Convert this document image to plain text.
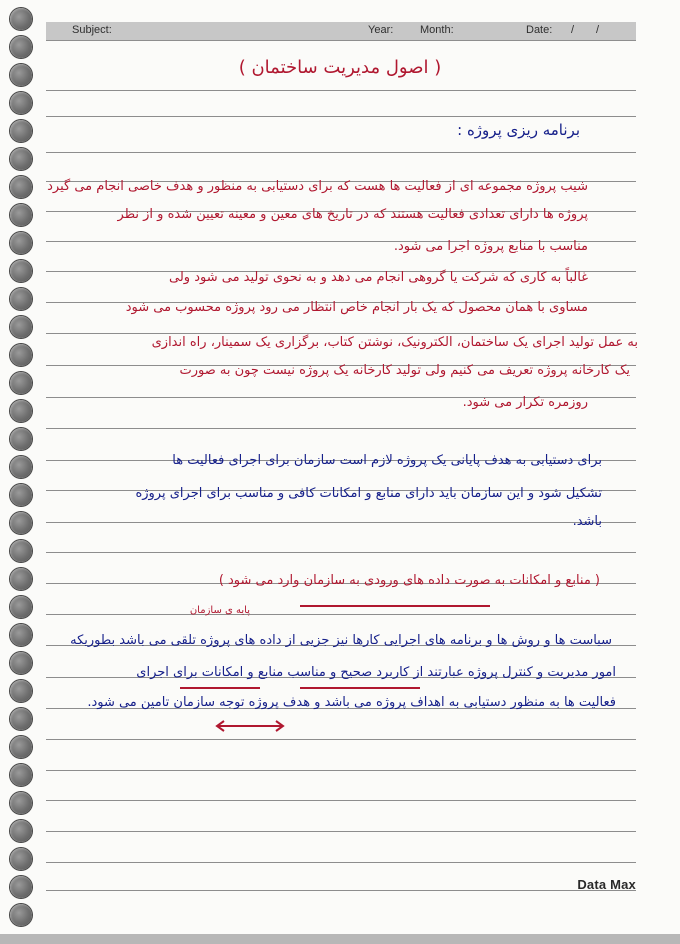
Subject:	Year: Month:	Date: / /
( اصول مدیریت ساختمان )
برنامه ریزی پروژه :
شیب پروژه مجموعه ای از فعالیت ها هست که برای دستیابی به منظور و هدف خاصی انجام می گیرد
پروژه ها دارای تعدادی فعالیت هستند که در تاریخ های معین و معینه تعیین شده و از نظر
مناسب با منابع پروژه اجرا می شود.
غالباً به کاری که شرکت یا گروهی انجام می دهد و به نحوی تولید می شود ولی
مساوی با همان محصول که یک بار انجام خاص انتظار می رود پروژه محسوب می شود
به عمل تولید اجرای یک ساختمان، الکترونیک، نوشتن کتاب، برگزاری یک سمینار، راه اندازی
یک کارخانه پروژه تعریف می کنیم ولی تولید کارخانه یک پروژه نیست چون به صورت
روزمره تکرار می شود.
برای دستیابی به هدف پایانی یک پروژه لازم است سازمان برای اجرای فعالیت ها
تشکیل شود و این سازمان باید دارای منابع و امکانات کافی و مناسب برای اجرای پروژه
باشد.
( منابع و امکانات به صورت داده های ورودی به سازمان وارد می شود )
پایه ی سازمان
سیاست ها و روش ها و برنامه های اجرایی کارها نیز جزیی از داده های پروژه تلقی می باشد بطوریکه
امور مدیریت و کنترل پروژه عبارتند از کاربرد صحیح و مناسب منابع و امکانات برای اجرای
فعالیت ها به منظور دستیابی به اهداف پروژه می باشد و هدف پروژه توجه سازمان تامین می شود.
Data Max
